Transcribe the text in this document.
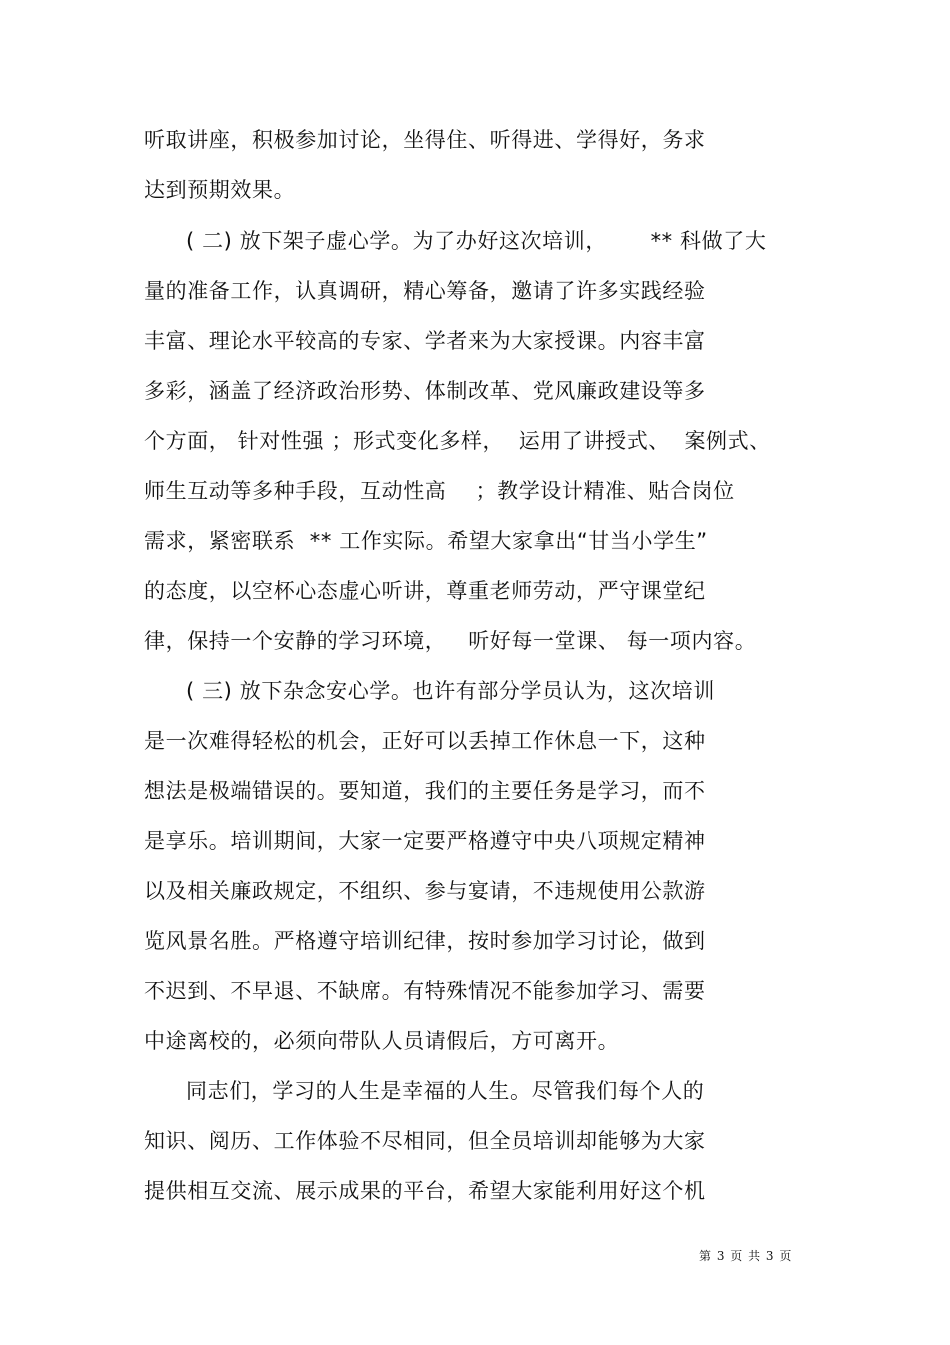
听取讲座，积极参加讨论，坐得住、听得进、学得好，务求
达到预期效果。
( 二) 放下架子虚心学。为了办好这次培训，      ** 科做了大
量的准备工作，认真调研，精心筹备，邀请了许多实践经验
丰富、理论水平较高的专家、学者来为大家授课。内容丰富
多彩，涵盖了经济政治形势、体制改革、党风廉政建设等多
个方面， 针对性强 ；形式变化多样，  运用了讲授式、  案例式、
师生互动等多种手段，互动性高    ；教学设计精准、贴合岗位
需求，紧密联系  ** 工作实际。希望大家拿出“甘当小学生”
的态度，以空杯心态虚心听讲，尊重老师劳动，严守课堂纪
律，保持一个安静的学习环境，   听好每一堂课、 每一项内容。
( 三) 放下杂念安心学。也许有部分学员认为，这次培训
是一次难得轻松的机会，正好可以丢掉工作休息一下，这种
想法是极端错误的。要知道，我们的主要任务是学习，而不
是享乐。培训期间，大家一定要严格遵守中央八项规定精神
以及相关廉政规定，不组织、参与宴请，不违规使用公款游
览风景名胜。严格遵守培训纪律，按时参加学习讨论，做到
不迟到、不早退、不缺席。有特殊情况不能参加学习、需要
中途离校的，必须向带队人员请假后，方可离开。
同志们，学习的人生是幸福的人生。尽管我们每个人的
知识、阅历、工作体验不尽相同，但全员培训却能够为大家
提供相互交流、展示成果的平台，希望大家能利用好这个机
第 3 页 共 3 页
